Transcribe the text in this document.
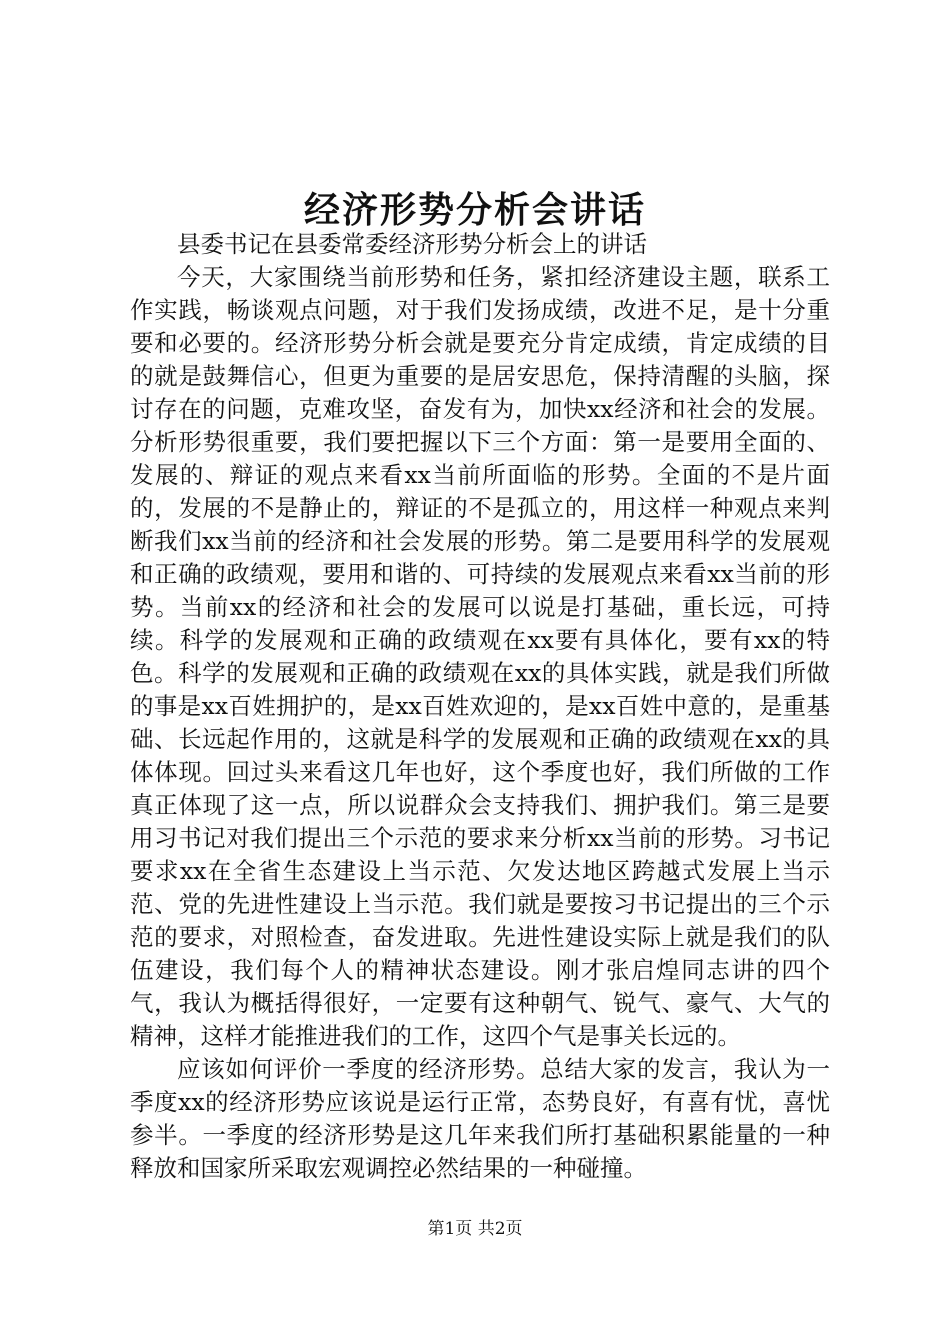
经济形势分析会讲话

县委书记在县委常委经济形势分析会上的讲话

今天，大家围绕当前形势和任务，紧扣经济建设主题，联系工作实践，畅谈观点问题，对于我们发扬成绩，改进不足，是十分重要和必要的。经济形势分析会就是要充分肯定成绩，肯定成绩的目的就是鼓舞信心，但更为重要的是居安思危，保持清醒的头脑，探讨存在的问题，克难攻坚，奋发有为，加快xx经济和社会的发展。分析形势很重要，我们要把握以下三个方面：第一是要用全面的、发展的、辩证的观点来看xx当前所面临的形势。全面的不是片面的，发展的不是静止的，辩证的不是孤立的，用这样一种观点来判断我们xx当前的经济和社会发展的形势。第二是要用科学的发展观和正确的政绩观，要用和谐的、可持续的发展观点来看xx当前的形势。当前xx的经济和社会的发展可以说是打基础，重长远，可持续。科学的发展观和正确的政绩观在xx要有具体化，要有xx的特色。科学的发展观和正确的政绩观在xx的具体实践，就是我们所做的事是xx百姓拥护的，是xx百姓欢迎的，是xx百姓中意的，是重基础、长远起作用的，这就是科学的发展观和正确的政绩观在xx的具体体现。回过头来看这几年也好，这个季度也好，我们所做的工作真正体现了这一点，所以说群众会支持我们、拥护我们。第三是要用习书记对我们提出三个示范的要求来分析xx当前的形势。习书记要求xx在全省生态建设上当示范、欠发达地区跨越式发展上当示范、党的先进性建设上当示范。我们就是要按习书记提出的三个示范的要求，对照检查，奋发进取。先进性建设实际上就是我们的队伍建设，我们每个人的精神状态建设。刚才张启煌同志讲的四个气，我认为概括得很好，一定要有这种朝气、锐气、豪气、大气的精神，这样才能推进我们的工作，这四个气是事关长远的。

应该如何评价一季度的经济形势。总结大家的发言，我认为一季度xx的经济形势应该说是运行正常，态势良好，有喜有忧，喜忧参半。一季度的经济形势是这几年来我们所打基础积累能量的一种释放和国家所采取宏观调控必然结果的一种碰撞。

第1页 共2页
